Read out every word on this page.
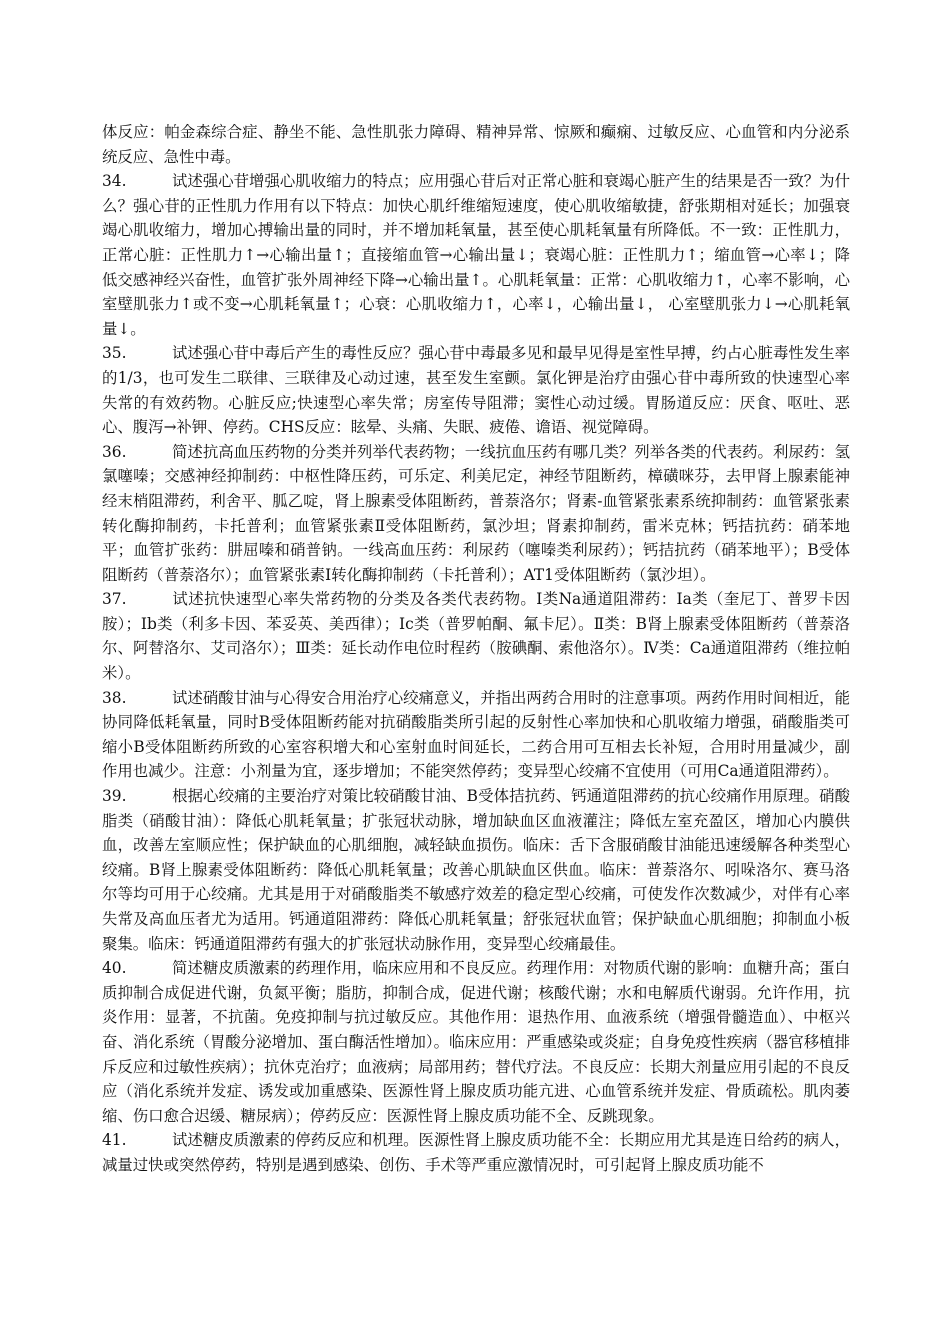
体反应：帕金森综合症、静坐不能、急性肌张力障碍、精神异常、惊厥和癫痫、过敏反应、心血管和内分泌系统反应、急性中毒。

34.	试述强心苷增强心肌收缩力的特点；应用强心苷后对正常心脏和衰竭心脏产生的结果是否一致？为什么？强心苷的正性肌力作用有以下特点：加快心肌纤维缩短速度，使心肌收缩敏捷，舒张期相对延长；加强衰竭心肌收缩力，增加心搏输出量的同时，并不增加耗氧量，甚至使心肌耗氧量有所降低。不一致：正性肌力，正常心脏：正性肌力↑→心输出量↑；直接缩血管→心输出量↓；衰竭心脏：正性肌力↑；缩血管→心率↓；降低交感神经兴奋性，血管扩张外周神经下降→心输出量↑。心肌耗氧量：正常：心肌收缩力↑，心率不影响，心室壁肌张力↑或不变→心肌耗氧量↑；心衰：心肌收缩力↑，心率↓，心输出量↓， 心室壁肌张力↓→心肌耗氧量↓。

35.	试述强心苷中毒后产生的毒性反应？强心苷中毒最多见和最早见得是室性早搏，约占心脏毒性发生率的1/3，也可发生二联律、三联律及心动过速，甚至发生室颤。氯化钾是治疗由强心苷中毒所致的快速型心率失常的有效药物。心脏反应;快速型心率失常；房室传导阻滞；窦性心动过缓。胃肠道反应：厌食、呕吐、恶心、腹泻→补钾、停药。CHS反应：眩晕、头痛、失眠、疲倦、谵语、视觉障碍。

36.	简述抗高血压药物的分类并列举代表药物；一线抗血压药有哪几类？列举各类的代表药。利尿药：氢氯噻嗪；交感神经抑制药：中枢性降压药，可乐定、利美尼定，神经节阻断药，樟磺咪芬，去甲肾上腺素能神经末梢阻滞药，利舍平、胍乙啶，肾上腺素受体阻断药，普萘洛尔；肾素-血管紧张素系统抑制药：血管紧张素转化酶抑制药，卡托普利；血管紧张素Ⅱ受体阻断药，氯沙坦；肾素抑制药，雷米克林；钙拮抗药：硝苯地平；血管扩张药：肼屈嗪和硝普钠。一线高血压药：利尿药（噻嗪类利尿药）；钙拮抗药（硝苯地平）；Β受体阻断药（普萘洛尔）；血管紧张素Ⅰ转化酶抑制药（卡托普利）；AT1受体阻断药（氯沙坦）。

37.	试述抗快速型心率失常药物的分类及各类代表药物。Ⅰ类Na通道阻滞药：Ia类（奎尼丁、普罗卡因胺）；Ib类（利多卡因、苯妥英、美西律）；Ic类（普罗帕酮、氟卡尼）。Ⅱ类：Β肾上腺素受体阻断药（普萘洛尔、阿替洛尔、艾司洛尔）；Ⅲ类：延长动作电位时程药（胺碘酮、索他洛尔）。Ⅳ类：Ca通道阻滞药（维拉帕米）。

38.	试述硝酸甘油与心得安合用治疗心绞痛意义，并指出两药合用时的注意事项。两药作用时间相近，能协同降低耗氧量，同时Β受体阻断药能对抗硝酸脂类所引起的反射性心率加快和心肌收缩力增强，硝酸脂类可缩小Β受体阻断药所致的心室容积增大和心室射血时间延长，二药合用可互相去长补短，合用时用量减少，副作用也减少。注意：小剂量为宜，逐步增加；不能突然停药；变异型心绞痛不宜使用（可用Ca通道阻滞药）。

39.	根据心绞痛的主要治疗对策比较硝酸甘油、Β受体拮抗药、钙通道阻滞药的抗心绞痛作用原理。硝酸脂类（硝酸甘油）：降低心肌耗氧量；扩张冠状动脉，增加缺血区血液灌注；降低左室充盈区，增加心内膜供血，改善左室顺应性；保护缺血的心肌细胞，减轻缺血损伤。临床：舌下含服硝酸甘油能迅速缓解各种类型心绞痛。Β肾上腺素受体阻断药：降低心肌耗氧量；改善心肌缺血区供血。临床：普萘洛尔、吲哚洛尔、赛马洛尔等均可用于心绞痛。尤其是用于对硝酸脂类不敏感疗效差的稳定型心绞痛，可使发作次数减少，对伴有心率失常及高血压者尤为适用。钙通道阻滞药：降低心肌耗氧量；舒张冠状血管；保护缺血心肌细胞；抑制血小板聚集。临床：钙通道阻滞药有强大的扩张冠状动脉作用，变异型心绞痛最佳。

40.	简述糖皮质激素的药理作用，临床应用和不良反应。药理作用：对物质代谢的影响：血糖升高；蛋白质抑制合成促进代谢，负氮平衡；脂肪，抑制合成，促进代谢；核酸代谢；水和电解质代谢弱。允许作用，抗炎作用：显著，不抗菌。免疫抑制与抗过敏反应。其他作用：退热作用、血液系统（增强骨髓造血）、中枢兴奋、消化系统（胃酸分泌增加、蛋白酶活性增加）。临床应用：严重感染或炎症；自身免疫性疾病（器官移植排斥反应和过敏性疾病）；抗休克治疗；血液病；局部用药；替代疗法。不良反应：长期大剂量应用引起的不良反应（消化系统并发症、诱发或加重感染、医源性肾上腺皮质功能亢进、心血管系统并发症、骨质疏松。肌肉萎缩、伤口愈合迟缓、糖尿病）；停药反应：医源性肾上腺皮质功能不全、反跳现象。

41.	试述糖皮质激素的停药反应和机理。医源性肾上腺皮质功能不全：长期应用尤其是连日给药的病人，减量过快或突然停药，特别是遇到感染、创伤、手术等严重应激情况时，可引起肾上腺皮质功能不
